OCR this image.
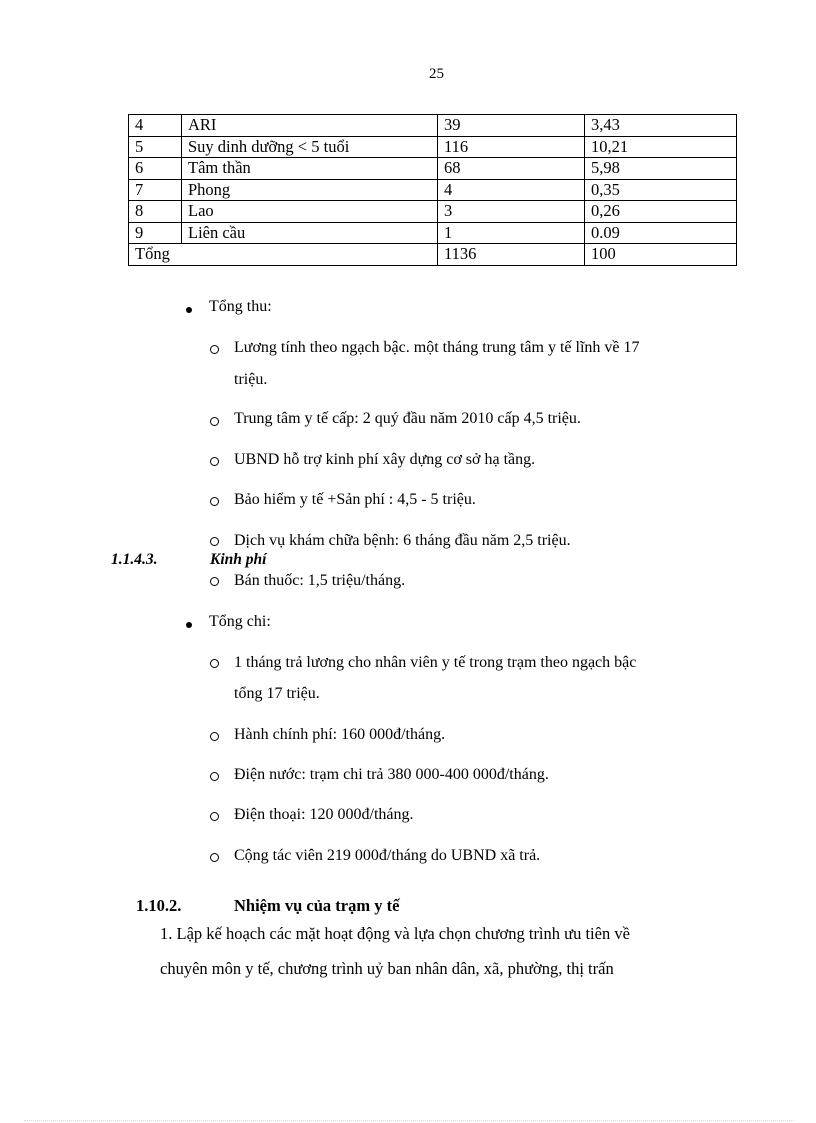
25
4	ARI	39	3,43
5	Suy dinh dưỡng < 5 tuổi	116	10,21
6	Tâm thần	68	5,98
7	Phong	4	0,35
8	Lao	3	0,26
9	Liên cầu	1	0.09
Tổng		1136	100
Tổng thu:
Lương tính theo ngạch bậc. một tháng trung tâm y tế lĩnh về 17
triệu.
Trung tâm y tế cấp: 2 quý đầu năm 2010 cấp 4,5 triệu.
UBND hỗ trợ kinh phí xây dựng cơ sở hạ tầng.
Bảo hiểm y tế +Sản phí : 4,5 - 5 triệu.
Dịch vụ khám chữa bệnh: 6 tháng đầu năm 2,5 triệu.
1.1.4.3.	Kinh phí
Bán thuốc: 1,5 triệu/tháng.
Tổng chi:
1 tháng trả lương cho nhân viên y tế trong trạm theo ngạch bậc
tổng 17 triệu.
Hành chính phí: 160 000đ/tháng.
Điện nước: trạm chi trả 380 000-400 000đ/tháng.
Điện thoại: 120 000đ/tháng.
Cộng tác viên 219 000đ/tháng do UBND xã trả.
1.10.2.	Nhiệm vụ của trạm y tế
1. Lập kế hoạch các mặt hoạt động và lựa chọn chương trình ưu tiên về
chuyên môn y tế, chương trình uỷ ban nhân dân, xã, phường, thị trấn
